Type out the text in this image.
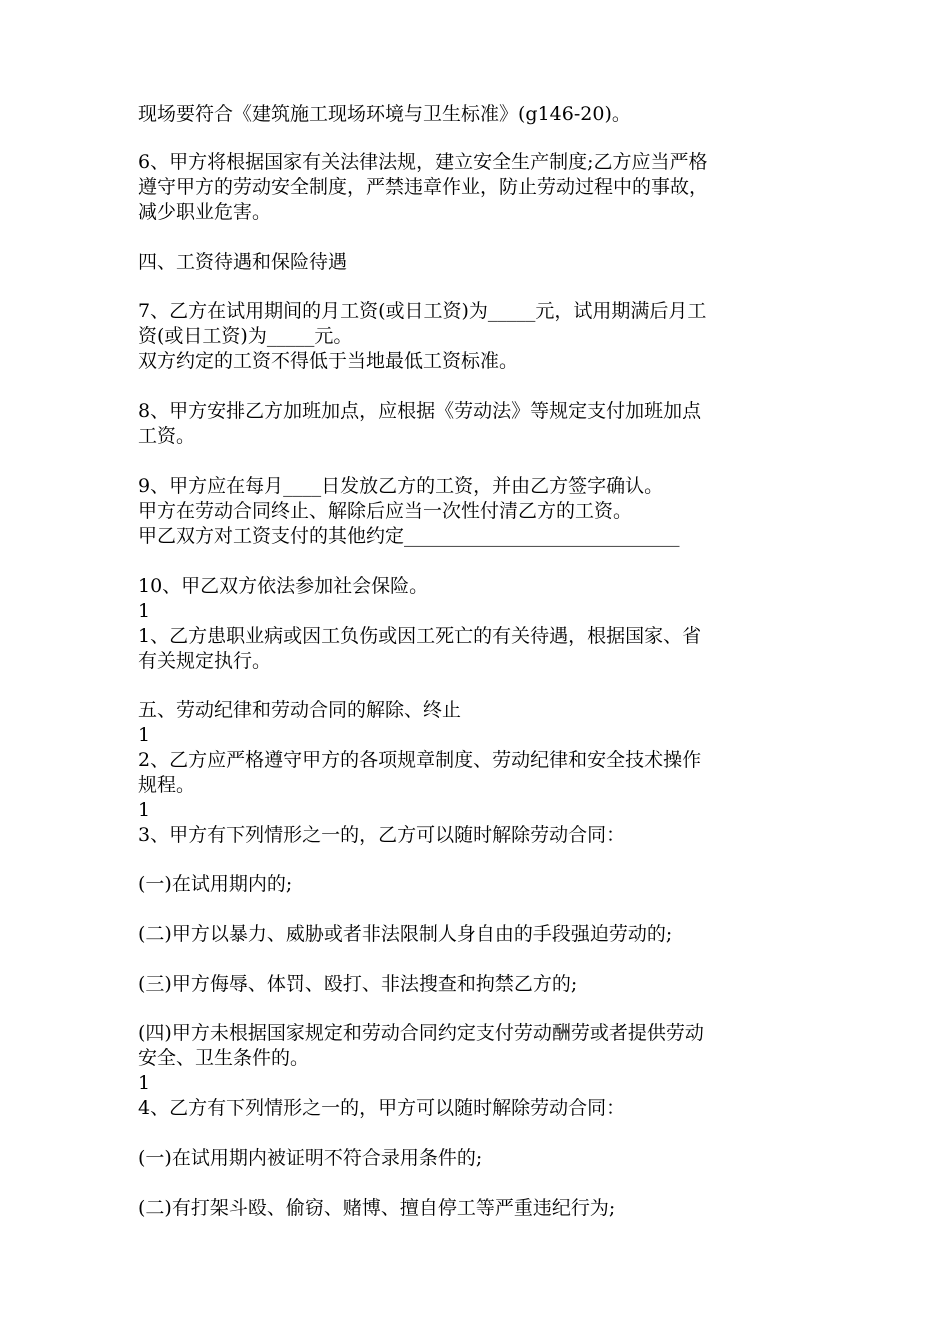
现场要符合《建筑施工现场环境与卫生标准》(g146-20)。
6、甲方将根据国家有关法律法规，建立安全生产制度;乙方应当严格
遵守甲方的劳动安全制度，严禁违章作业，防止劳动过程中的事故，
减少职业危害。
四、工资待遇和保险待遇
7、乙方在试用期间的月工资(或日工资)为_____元，试用期满后月工
资(或日工资)为_____元。
双方约定的工资不得低于当地最低工资标准。
8、甲方安排乙方加班加点，应根据《劳动法》等规定支付加班加点
工资。
9、甲方应在每月____日发放乙方的工资，并由乙方签字确认。
甲方在劳动合同终止、解除后应当一次性付清乙方的工资。
甲乙双方对工资支付的其他约定_____________________________
10、甲乙双方依法参加社会保险。
1
1、乙方患职业病或因工负伤或因工死亡的有关待遇，根据国家、省
有关规定执行。
五、劳动纪律和劳动合同的解除、终止
1
2、乙方应严格遵守甲方的各项规章制度、劳动纪律和安全技术操作
规程。
1
3、甲方有下列情形之一的，乙方可以随时解除劳动合同：
(一)在试用期内的;
(二)甲方以暴力、威胁或者非法限制人身自由的手段强迫劳动的;
(三)甲方侮辱、体罚、殴打、非法搜查和拘禁乙方的;
(四)甲方未根据国家规定和劳动合同约定支付劳动酬劳或者提供劳动
安全、卫生条件的。
1
4、乙方有下列情形之一的，甲方可以随时解除劳动合同：
(一)在试用期内被证明不符合录用条件的;
(二)有打架斗殴、偷窃、赌博、擅自停工等严重违纪行为;
